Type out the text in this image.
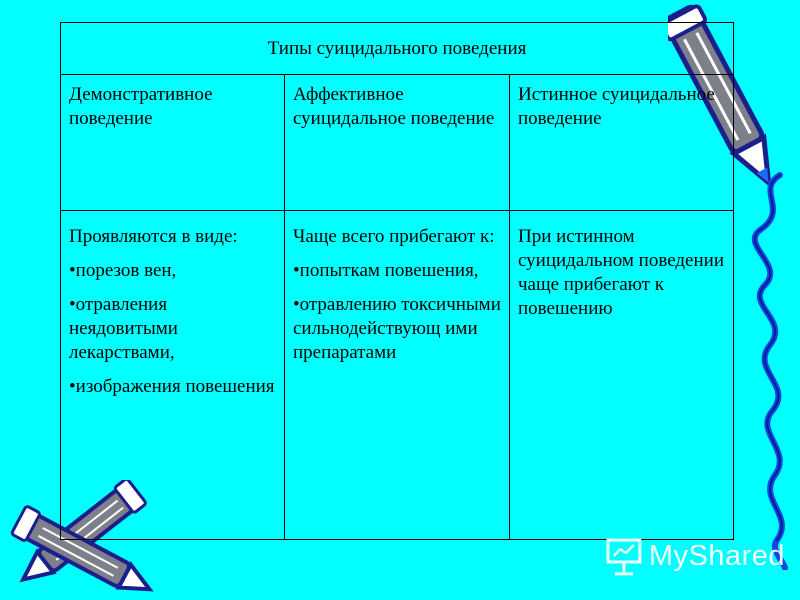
Типы суицидального поведения
Демонстративное поведение
Аффективное суицидальное поведение
Истинное суицидальное поведение

Проявляются в виде:

•порезов вен,
•отравления неядовитыми лекарствами,
•изображения повешения

Чаще всего прибегают к:

•попыткам повешения,
•отравлению токсичными сильнодействующ ими препаратами

При истинном суицидальном поведении чаще прибегают к повешению

MyShared
